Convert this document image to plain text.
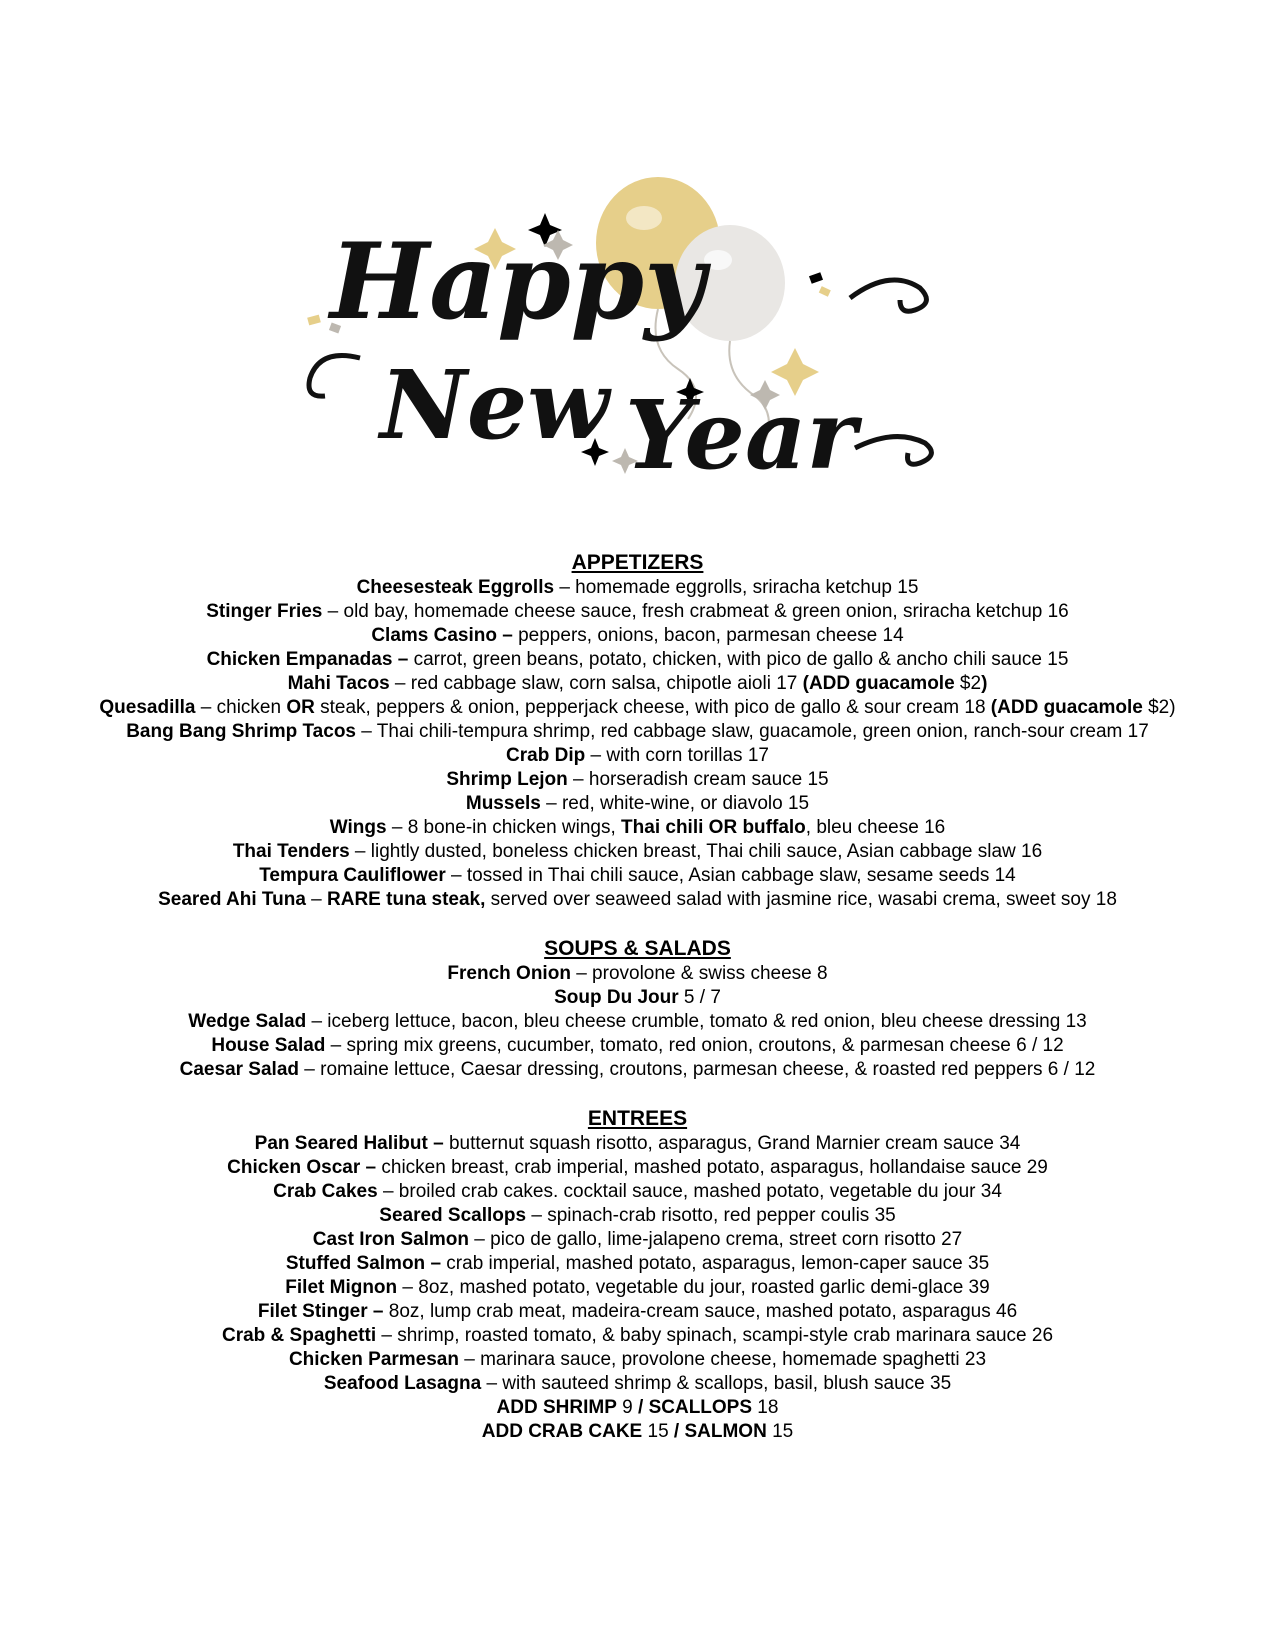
Happy
New Year

APPETIZERS

Cheesesteak Eggrolls – homemade eggrolls, sriracha ketchup 15

Stinger Fries – old bay, homemade cheese sauce, fresh crabmeat & green onion, sriracha ketchup 16

Clams Casino – peppers, onions, bacon, parmesan cheese 14

Chicken Empanadas – carrot, green beans, potato, chicken, with pico de gallo & ancho chili sauce 15

Mahi Tacos – red cabbage slaw, corn salsa, chipotle aioli 17 (ADD guacamole $2)

Quesadilla – chicken OR steak, peppers & onion, pepperjack cheese, with pico de gallo & sour cream 18 (ADD guacamole $2)

Bang Bang Shrimp Tacos – Thai chili-tempura shrimp, red cabbage slaw, guacamole, green onion, ranch-sour cream 17

Crab Dip – with corn torillas 17

Shrimp Lejon – horseradish cream sauce 15

Mussels – red, white-wine, or diavolo 15

Wings – 8 bone-in chicken wings, Thai chili OR buffalo, bleu cheese 16

Thai Tenders – lightly dusted, boneless chicken breast, Thai chili sauce, Asian cabbage slaw 16

Tempura Cauliflower – tossed in Thai chili sauce, Asian cabbage slaw, sesame seeds 14

Seared Ahi Tuna – RARE tuna steak, served over seaweed salad with jasmine rice, wasabi crema, sweet soy 18

SOUPS & SALADS

French Onion – provolone & swiss cheese 8

Soup Du Jour 5 / 7

Wedge Salad – iceberg lettuce, bacon, bleu cheese crumble, tomato & red onion, bleu cheese dressing 13

House Salad – spring mix greens, cucumber, tomato, red onion, croutons, & parmesan cheese 6 / 12

Caesar Salad – romaine lettuce, Caesar dressing, croutons, parmesan cheese, & roasted red peppers 6 / 12

ENTREES

Pan Seared Halibut – butternut squash risotto, asparagus, Grand Marnier cream sauce 34

Chicken Oscar – chicken breast, crab imperial, mashed potato, asparagus, hollandaise sauce 29

Crab Cakes – broiled crab cakes. cocktail sauce, mashed potato, vegetable du jour 34

Seared Scallops – spinach-crab risotto, red pepper coulis 35

Cast Iron Salmon – pico de gallo, lime-jalapeno crema, street corn risotto 27

Stuffed Salmon – crab imperial, mashed potato, asparagus, lemon-caper sauce 35

Filet Mignon – 8oz, mashed potato, vegetable du jour, roasted garlic demi-glace 39

Filet Stinger – 8oz, lump crab meat, madeira-cream sauce, mashed potato, asparagus 46

Crab & Spaghetti – shrimp, roasted tomato, & baby spinach, scampi-style crab marinara sauce 26

Chicken Parmesan – marinara sauce, provolone cheese, homemade spaghetti 23

Seafood Lasagna – with sauteed shrimp & scallops, basil, blush sauce 35

ADD SHRIMP 9 / SCALLOPS 18

ADD CRAB CAKE 15 / SALMON 15
